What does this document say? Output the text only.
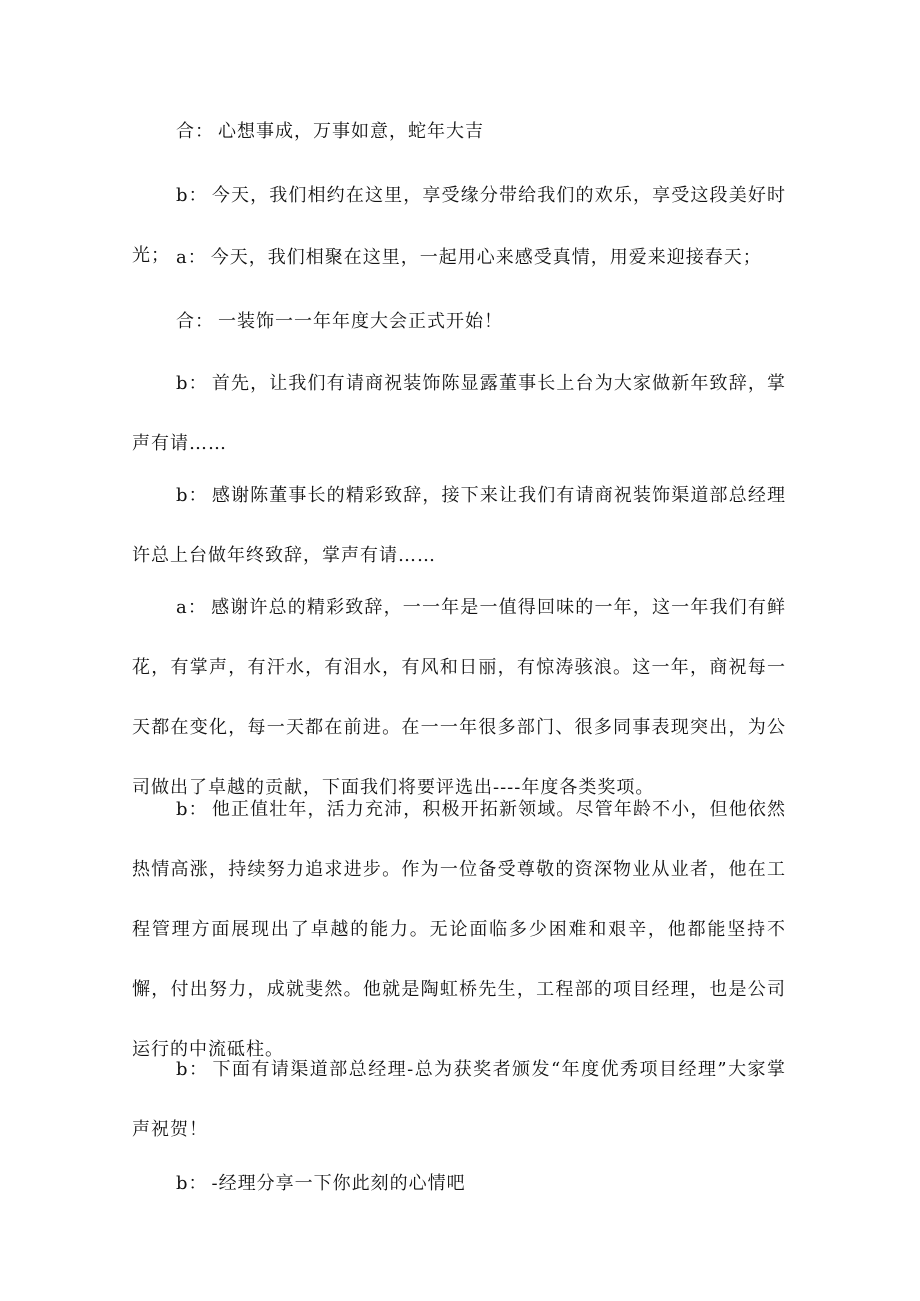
合： 心想事成，万事如意，蛇年大吉

b： 今天，我们相约在这里，享受缘分带给我们的欢乐，享受这段美好时光； a： 今天，我们相聚在这里，一起用心来感受真情，用爱来迎接春天；

合： 一装饰一一年年度大会正式开始！

b： 首先，让我们有请商祝装饰陈显露董事长上台为大家做新年致辞，掌声有请……

b： 感谢陈董事长的精彩致辞，接下来让我们有请商祝装饰渠道部总经理许总上台做年终致辞，掌声有请……

a： 感谢许总的精彩致辞，一一年是一值得回味的一年，这一年我们有鲜花，有掌声，有汗水，有泪水，有风和日丽，有惊涛骇浪。这一年，商祝每一天都在变化，每一天都在前进。在一一年很多部门、很多同事表现突出，为公司做出了卓越的贡献，下面我们将要评选出----年度各类奖项。

b： 他正值壮年，活力充沛，积极开拓新领域。尽管年龄不小，但他依然热情高涨，持续努力追求进步。作为一位备受尊敬的资深物业从业者，他在工程管理方面展现出了卓越的能力。无论面临多少困难和艰辛，他都能坚持不懈，付出努力，成就斐然。他就是陶虹桥先生，工程部的项目经理，也是公司运行的中流砥柱。

b： 下面有请渠道部总经理-总为获奖者颁发“年度优秀项目经理”大家掌声祝贺！

b： -经理分享一下你此刻的心情吧
